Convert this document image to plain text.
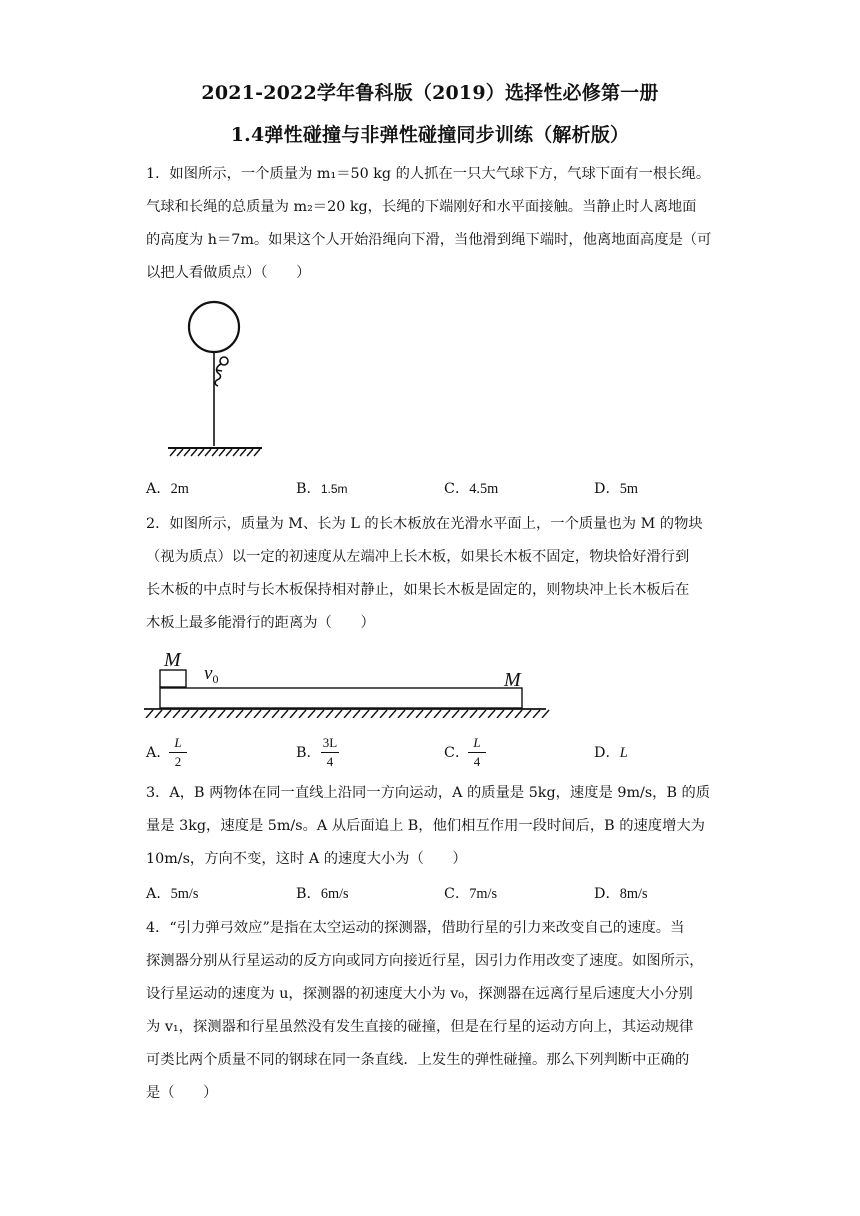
2021-2022学年鲁科版（2019）选择性必修第一册
1.4弹性碰撞与非弹性碰撞同步训练（解析版）
1．如图所示，一个质量为 m₁＝50 kg 的人抓在一只大气球下方，气球下面有一根长绳。
气球和长绳的总质量为 m₂＝20 kg，长绳的下端刚好和水平面接触。当静止时人离地面
的高度为 h＝7m。如果这个人开始沿绳向下滑，当他滑到绳下端时，他离地面高度是（可
以把人看做质点）（　　）
A．2m	B．1.5m	C．4.5m	D．5m
2．如图所示，质量为 M、长为 L 的长木板放在光滑水平面上，一个质量也为 M 的物块
（视为质点）以一定的初速度从左端冲上长木板，如果长木板不固定，物块恰好滑行到
长木板的中点时与长木板保持相对静止，如果长木板是固定的，则物块冲上长木板后在
木板上最多能滑行的距离为（　　）
M
$v_0$	M
A．
L
2
B．
3L
4
C．
L
4
D．L
3．A，B 两物体在同一直线上沿同一方向运动，A 的质量是 5kg，速度是 9m/s，B 的质
量是 3kg，速度是 5m/s。A 从后面追上 B，他们相互作用一段时间后，B 的速度增大为
10m/s，方向不变，这时 A 的速度大小为（　　）
A．5m/s	B．6m/s	C．7m/s	D．8m/s
4．“引力弹弓效应”是指在太空运动的探测器，借助行星的引力来改变自己的速度。当
探测器分别从行星运动的反方向或同方向接近行星，因引力作用改变了速度。如图所示，
设行星运动的速度为 u，探测器的初速度大小为 v₀，探测器在远离行星后速度大小分别
为 v₁，探测器和行星虽然没有发生直接的碰撞，但是在行星的运动方向上，其运动规律
可类比两个质量不同的钢球在同一条直线．上发生的弹性碰撞。那么下列判断中正确的
是（　　）
